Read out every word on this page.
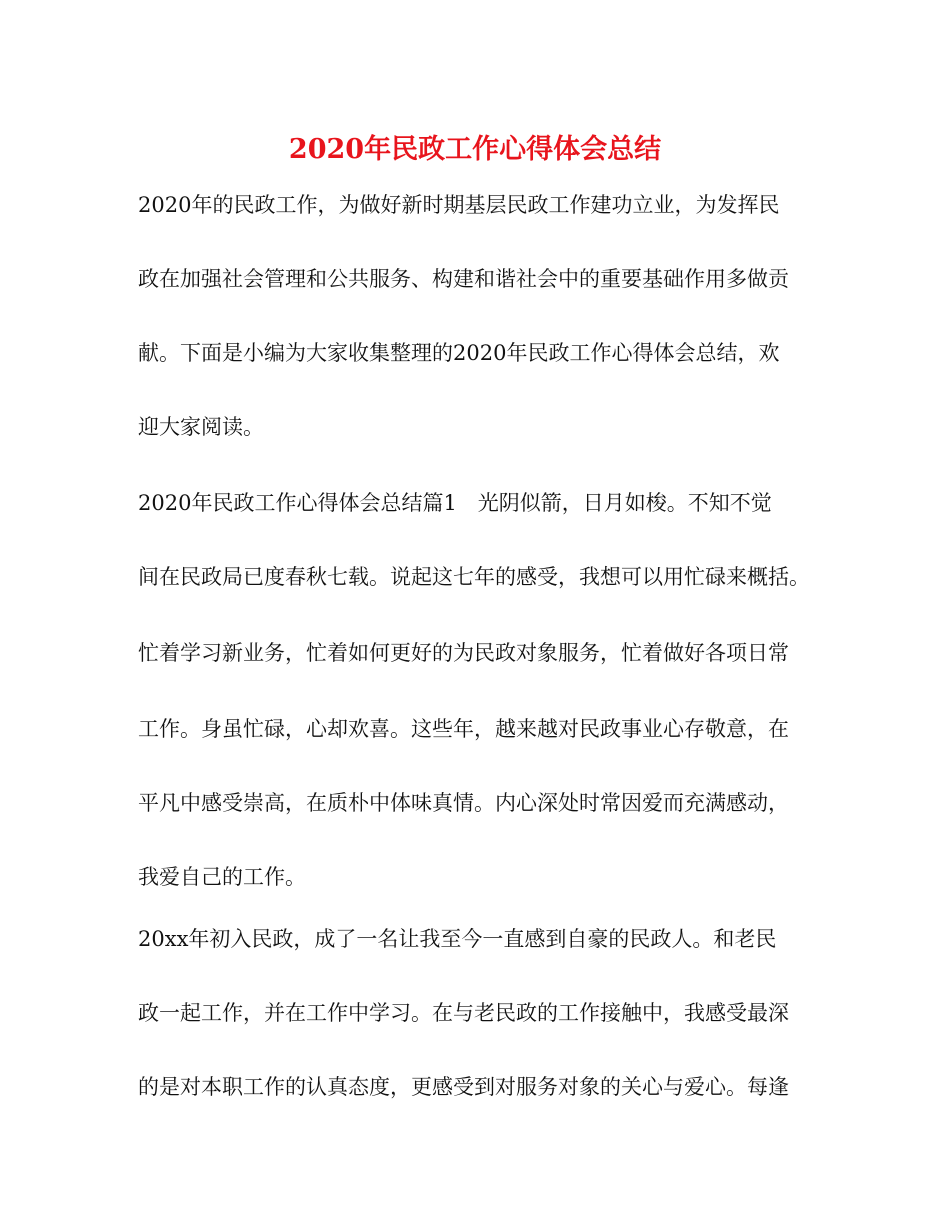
2020年民政工作心得体会总结

2020年的民政工作，为做好新时期基层民政工作建功立业，为发挥民

政在加强社会管理和公共服务、构建和谐社会中的重要基础作用多做贡

献。下面是小编为大家收集整理的2020年民政工作心得体会总结，欢

迎大家阅读。

2020年民政工作心得体会总结篇1　光阴似箭，日月如梭。不知不觉

间在民政局已度春秋七载。说起这七年的感受，我想可以用忙碌来概括。

忙着学习新业务，忙着如何更好的为民政对象服务，忙着做好各项日常

工作。身虽忙碌，心却欢喜。这些年，越来越对民政事业心存敬意，在

平凡中感受崇高，在质朴中体味真情。内心深处时常因爱而充满感动，

我爱自己的工作。

20xx年初入民政，成了一名让我至今一直感到自豪的民政人。和老民

政一起工作，并在工作中学习。在与老民政的工作接触中，我感受最深

的是对本职工作的认真态度，更感受到对服务对象的关心与爱心。每逢
